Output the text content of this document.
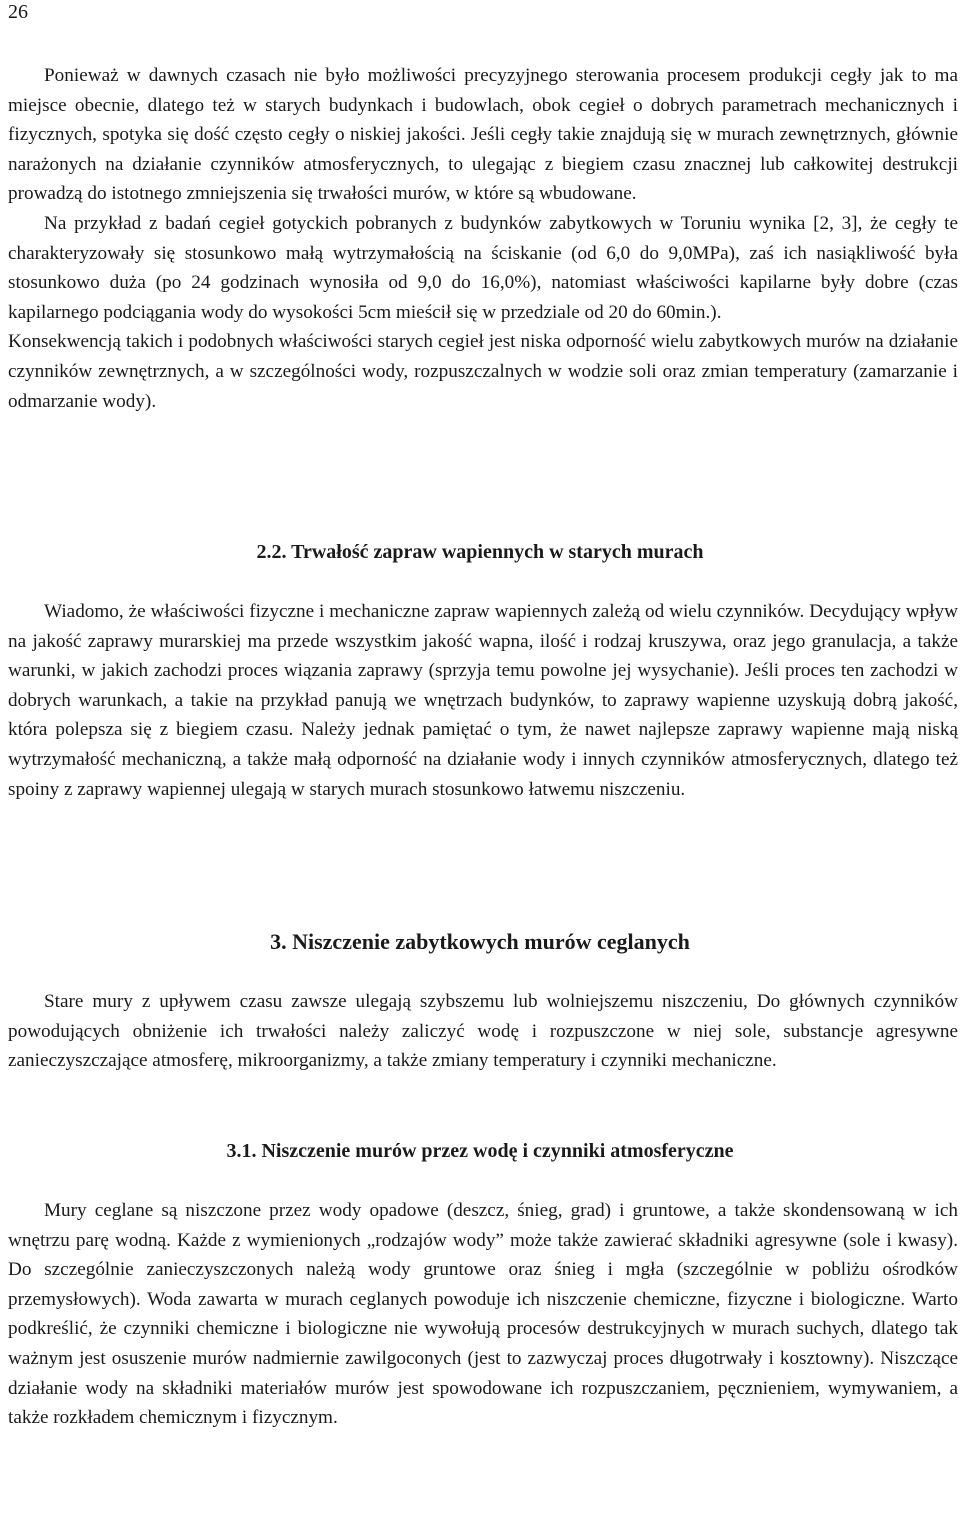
26

Ponieważ w dawnych czasach nie było możliwości precyzyjnego sterowania procesem produkcji cegły jak to ma miejsce obecnie, dlatego też w starych budynkach i budowlach, obok cegieł o dobrych parametrach mechanicznych i fizycznych, spotyka się dość często cegły o niskiej jakości. Jeśli cegły takie znajdują się w murach zewnętrznych, głównie narażonych na działanie czynników atmosferycznych, to ulegając z biegiem czasu znacznej lub całkowitej destrukcji prowadzą do istotnego zmniejszenia się trwałości murów, w które są wbudowane.

Na przykład z badań cegieł gotyckich pobranych z budynków zabytkowych w Toruniu wynika [2, 3], że cegły te charakteryzowały się stosunkowo małą wytrzymałością na ściskanie (od 6,0 do 9,0MPa), zaś ich nasiąkliwość była stosunkowo duża (po 24 godzinach wynosiła od 9,0 do 16,0%), natomiast właściwości kapilarne były dobre (czas kapilarnego podciągania wody do wysokości 5cm mieścił się w przedziale od 20 do 60min.).

Konsekwencją takich i podobnych właściwości starych cegieł jest niska odporność wielu zabytkowych murów na działanie czynników zewnętrznych, a w szczególności wody, rozpuszczalnych w wodzie soli oraz zmian temperatury (zamarzanie i odmarzanie wody).

2.2. Trwałość zapraw wapiennych w starych murach

Wiadomo, że właściwości fizyczne i mechaniczne zapraw wapiennych zależą od wielu czynników. Decydujący wpływ na jakość zaprawy murarskiej ma przede wszystkim jakość wapna, ilość i rodzaj kruszywa, oraz jego granulacja, a także warunki, w jakich zachodzi proces wiązania zaprawy (sprzyja temu powolne jej wysychanie). Jeśli proces ten zachodzi w dobrych warunkach, a takie na przykład panują we wnętrzach budynków, to zaprawy wapienne uzyskują dobrą jakość, która polepsza się z biegiem czasu. Należy jednak pamiętać o tym, że nawet najlepsze zaprawy wapienne mają niską wytrzymałość mechaniczną, a także małą odporność na działanie wody i innych czynników atmosferycznych, dlatego też spoiny z zaprawy wapiennej ulegają w starych murach stosunkowo łatwemu niszczeniu.

3. Niszczenie zabytkowych murów ceglanych

Stare mury z upływem czasu zawsze ulegają szybszemu lub wolniejszemu niszczeniu, Do głównych czynników powodujących obniżenie ich trwałości należy zaliczyć wodę i rozpuszczone w niej sole, substancje agresywne zanieczyszczające atmosferę, mikroorganizmy, a także zmiany temperatury i czynniki mechaniczne.

3.1. Niszczenie murów przez wodę i czynniki atmosferyczne

Mury ceglane są niszczone przez wody opadowe (deszcz, śnieg, grad) i gruntowe, a także skondensowaną w ich wnętrzu parę wodną. Każde z wymienionych „rodzajów wody” może także zawierać składniki agresywne (sole i kwasy). Do szczególnie zanieczyszczonych należą wody gruntowe oraz śnieg i mgła (szczególnie w pobliżu ośrodków przemysłowych). Woda zawarta w murach ceglanych powoduje ich niszczenie chemiczne, fizyczne i biologiczne. Warto podkreślić, że czynniki chemiczne i biologiczne nie wywołują procesów destrukcyjnych w murach suchych, dlatego tak ważnym jest osuszenie murów nadmiernie zawilgoconych (jest to zazwyczaj proces długotrwały i kosztowny). Niszczące działanie wody na składniki materiałów murów jest spowodowane ich rozpuszczaniem, pęcznieniem, wymywaniem, a także rozkładem chemicznym i fizycznym.
